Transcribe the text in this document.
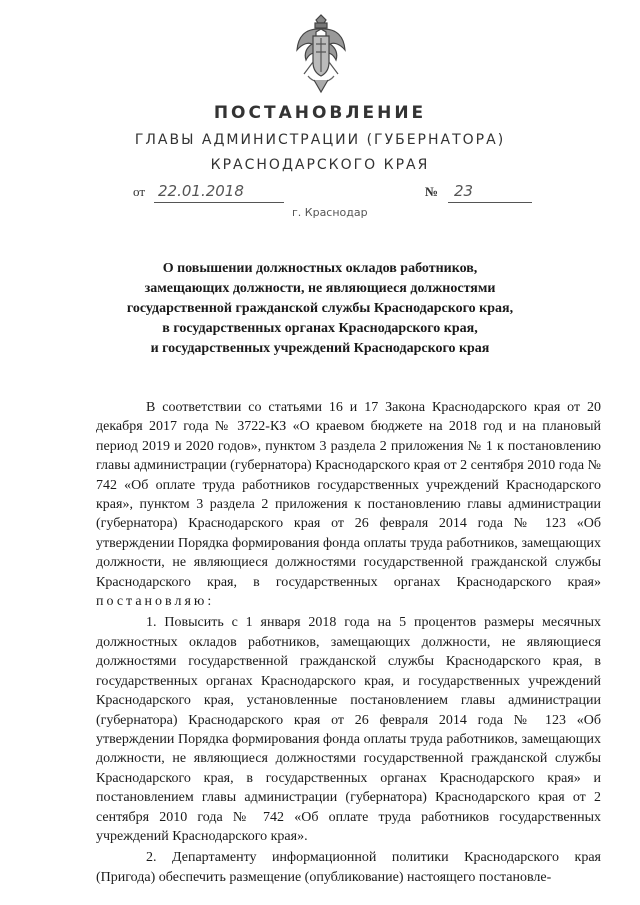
ПОСТАНОВЛЕНИЕ
ГЛАВЫ АДМИНИСТРАЦИИ (ГУБЕРНАТОРА)
КРАСНОДАРСКОГО КРАЯ
от 22.01.2018	№	23
г. Краснодар
О повышении должностных окладов работников,
замещающих должности, не являющиеся должностями
государственной гражданской службы Краснодарского края,
в государственных органах Краснодарского края,
и государственных учреждений Краснодарского края

В соответствии со статьями 16 и 17 Закона Краснодарского края от 20 декабря 2017 года № 3722-КЗ «О краевом бюджете на 2018 год и на плановый период 2019 и 2020 годов», пунктом 3 раздела 2 приложения № 1 к постановлению главы администрации (губернатора) Краснодарского края от 2 сентября 2010 года № 742 «Об оплате труда работников государственных учреждений Краснодарского края», пунктом 3 раздела 2 приложения к постановлению главы администрации (губернатора) Краснодарского края от 26 февраля 2014 года № 123 «Об утверждении Порядка формирования фонда оплаты труда работников, замещающих должности, не являющиеся должностями государственной гражданской службы Краснодарского края, в государственных органах Краснодарского края» постановляю:

1. Повысить с 1 января 2018 года на 5 процентов размеры месячных должностных окладов работников, замещающих должности, не являющиеся должностями государственной гражданской службы Краснодарского края, в государственных органах Краснодарского края, и государственных учреждений Краснодарского края, установленные постановлением главы администрации (губернатора) Краснодарского края от 26 февраля 2014 года № 123 «Об утверждении Порядка формирования фонда оплаты труда работников, замещающих должности, не являющиеся должностями государственной гражданской службы Краснодарского края, в государственных органах Краснодарского края» и постановлением главы администрации (губернатора) Краснодарского края от 2 сентября 2010 года № 742 «Об оплате труда работников государственных учреждений Краснодарского края».

2. Департаменту информационной политики Краснодарского края (Пригода) обеспечить размещение (опубликование) настоящего постановле-
